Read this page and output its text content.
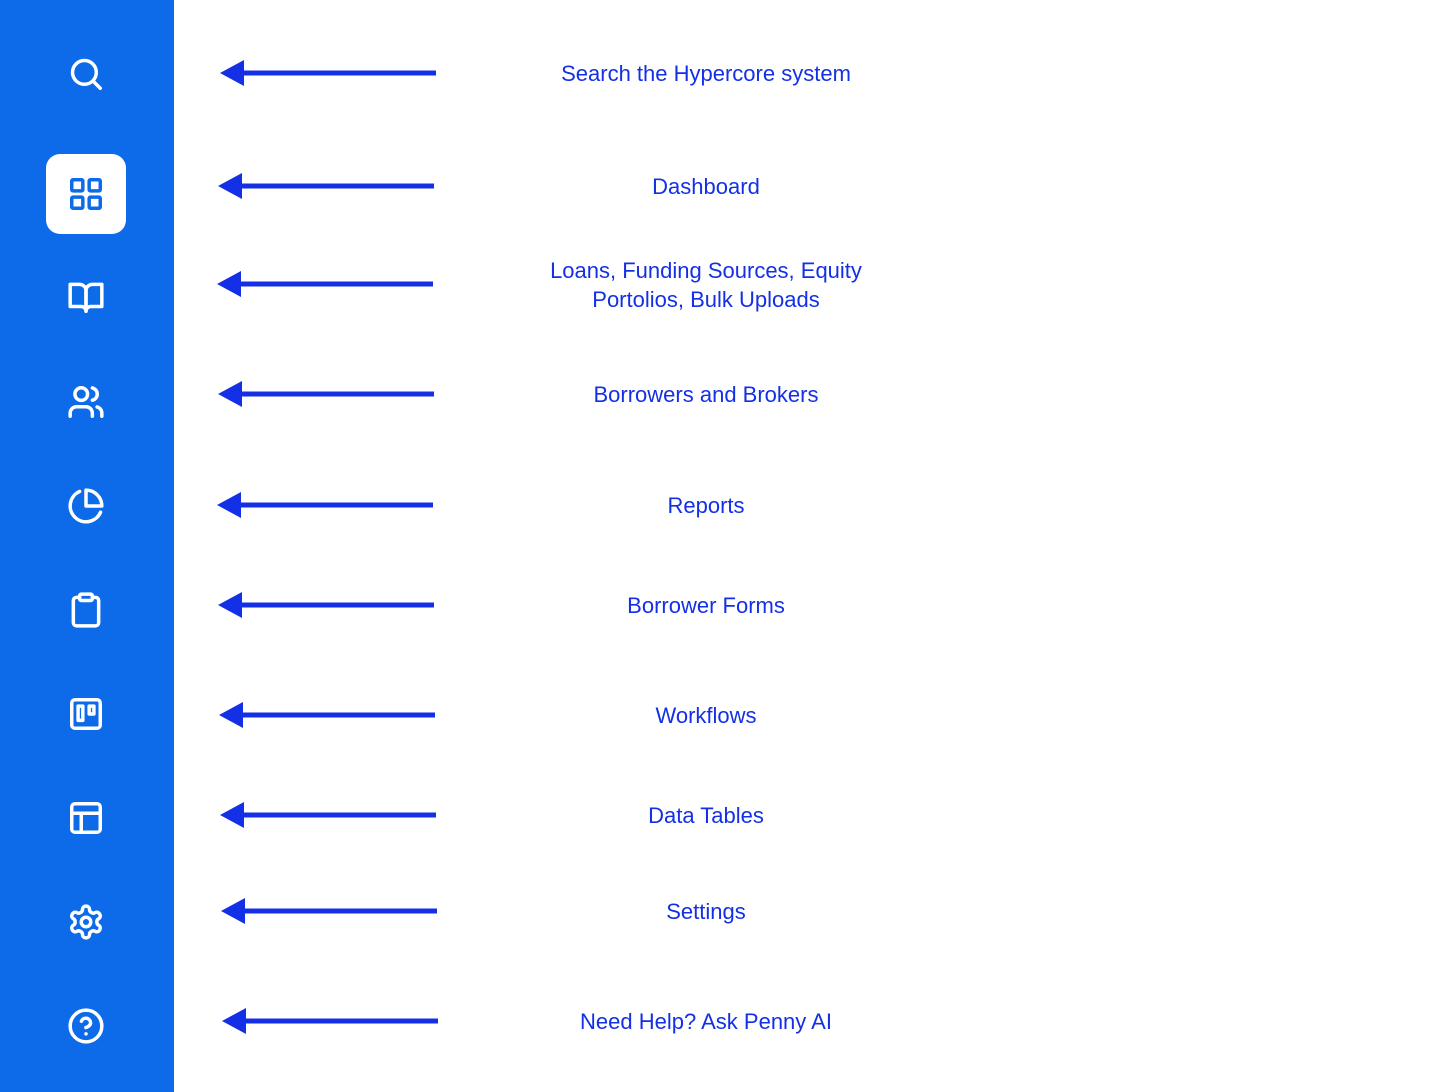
Search the Hypercore system
Dashboard
Loans, Funding Sources, Equity
Portolios, Bulk Uploads
Borrowers and Brokers
Reports
Borrower Forms
Workflows
Data Tables
Settings
Need Help? Ask Penny AI
